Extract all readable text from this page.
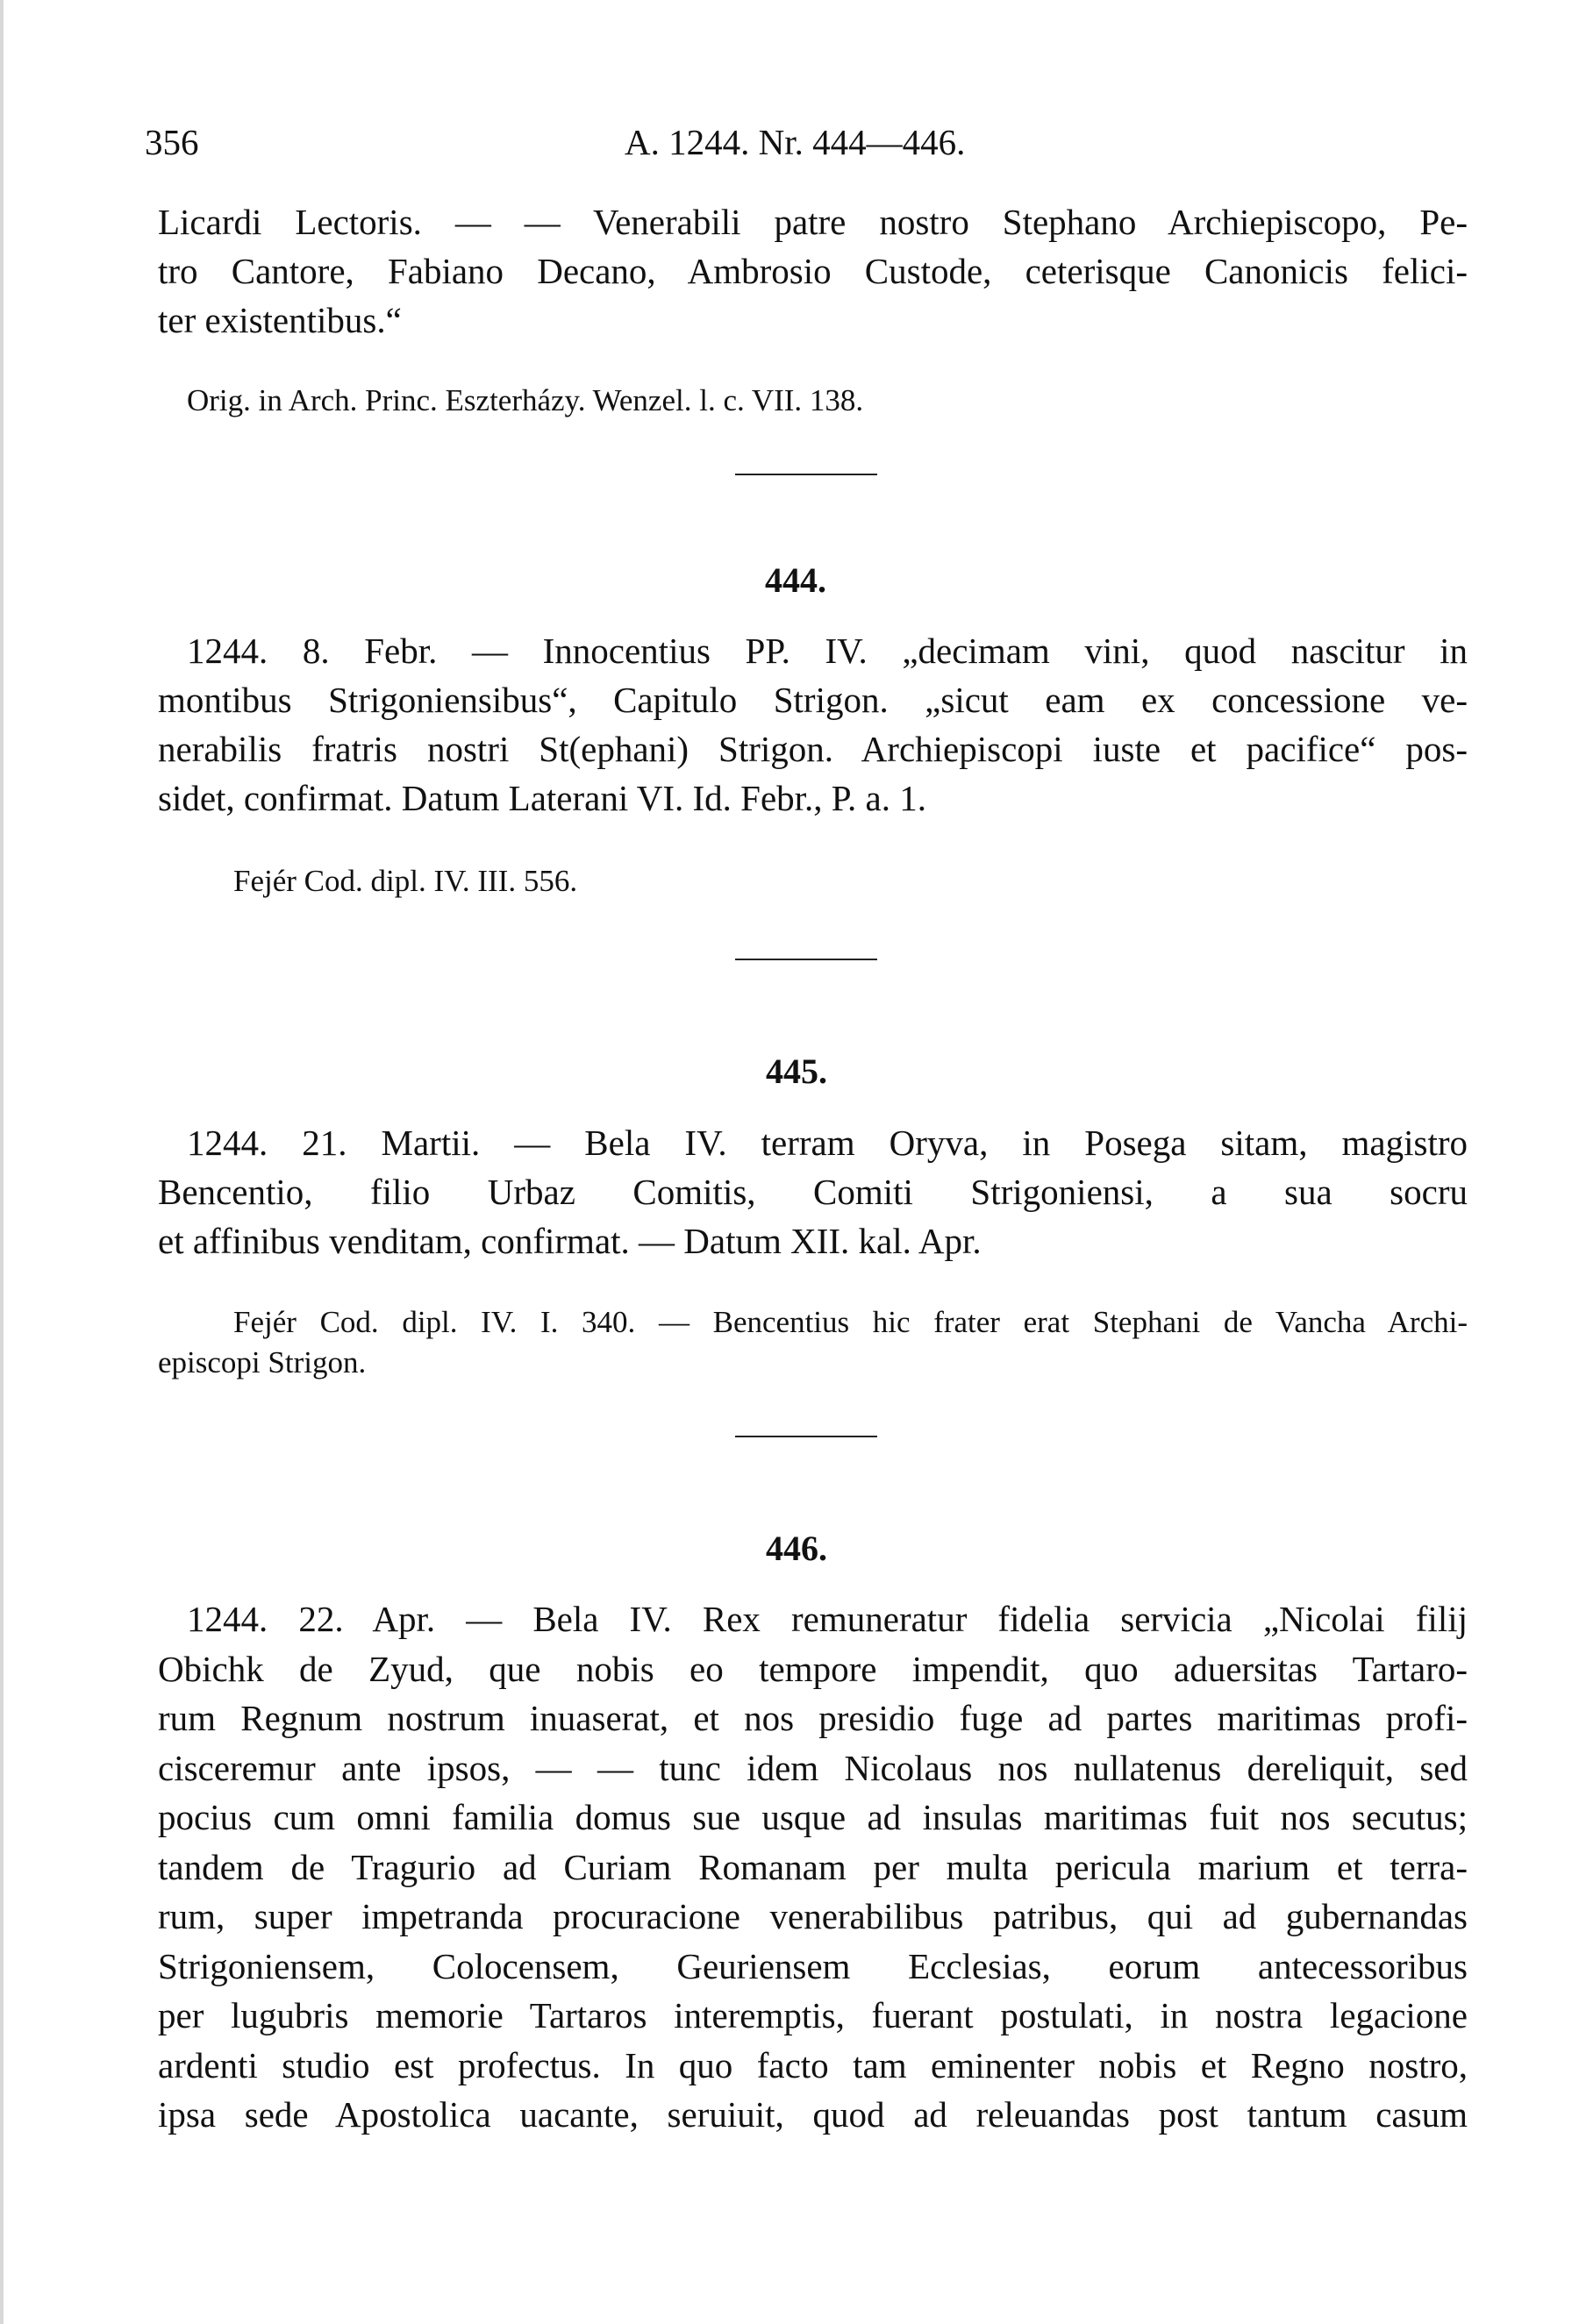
356	A. 1244. Nr. 444—446.
Licardi Lectoris. — — Venerabili patre nostro Stephano Archiepiscopo, Pe-
tro Cantore, Fabiano Decano, Ambrosio Custode, ceterisque Canonicis felici-
ter existentibus.“
Orig. in Arch. Princ. Eszterházy. Wenzel. l. c. VII. 138.
444.
1244. 8. Febr. — Innocentius PP. IV. „decimam vini, quod nascitur in
montibus Strigoniensibus“, Capitulo Strigon. „sicut eam ex concessione ve-
nerabilis fratris nostri St(ephani) Strigon. Archiepiscopi iuste et pacifice“ pos-
sidet, confirmat. Datum Laterani VI. Id. Febr., P. a. 1.
Fejér Cod. dipl. IV. III. 556.
445.
1244. 21. Martii. — Bela IV. terram Oryva, in Posega sitam, magistro
Bencentio, filio Urbaz Comitis, Comiti Strigoniensi, a sua socru
et affinibus venditam, confirmat. — Datum XII. kal. Apr.
Fejér Cod. dipl. IV. I. 340. — Bencentius hic frater erat Stephani de Vancha Archi-
episcopi Strigon.
446.
1244. 22. Apr. — Bela IV. Rex remuneratur fidelia servicia „Nicolai filij
Obichk de Zyud, que nobis eo tempore impendit, quo aduersitas Tartaro-
rum Regnum nostrum inuaserat, et nos presidio fuge ad partes maritimas profi-
cisceremur ante ipsos, — — tunc idem Nicolaus nos nullatenus dereliquit, sed
pocius cum omni familia domus sue usque ad insulas maritimas fuit nos secutus;
tandem de Tragurio ad Curiam Romanam per multa pericula marium et terra-
rum, super impetranda procuracione venerabilibus patribus, qui ad gubernandas
Strigoniensem, Colocensem, Geuriensem Ecclesias, eorum antecessoribus
per lugubris memorie Tartaros interemptis, fuerant postulati, in nostra legacione
ardenti studio est profectus. In quo facto tam eminenter nobis et Regno nostro,
ipsa sede Apostolica uacante, seruiuit, quod ad releuandas post tantum casum
